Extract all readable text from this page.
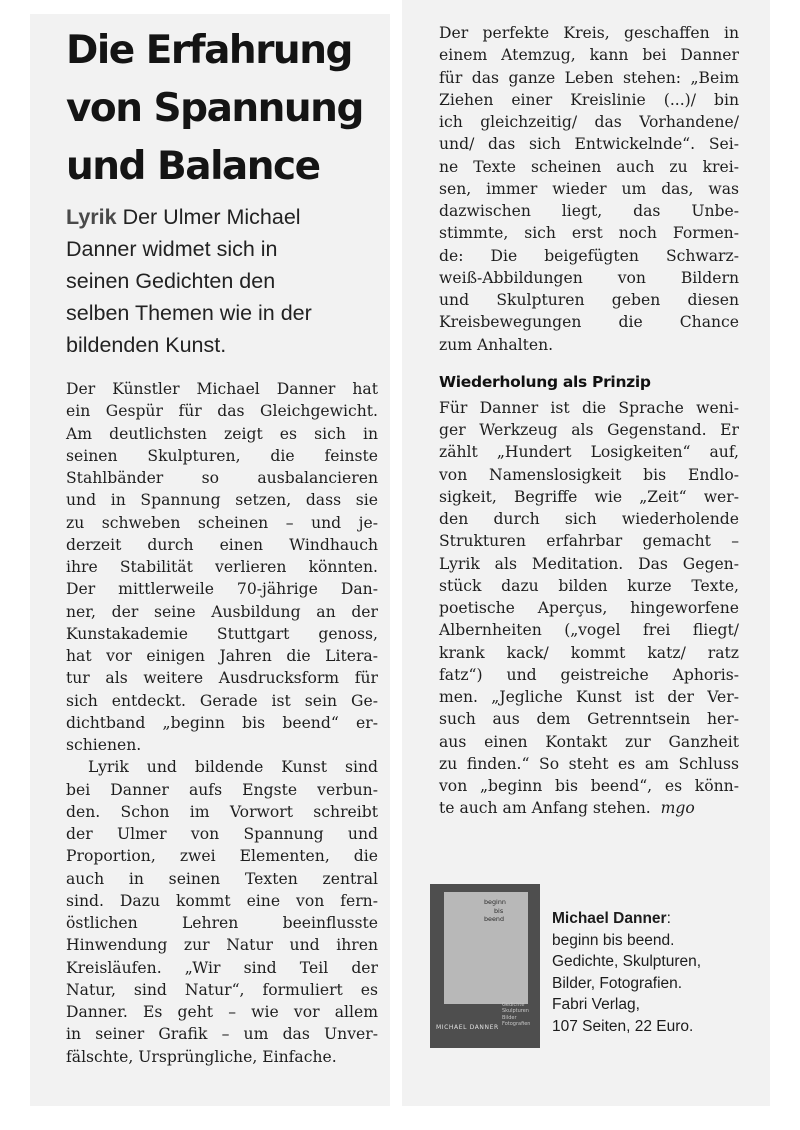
Die Erfahrung
von Spannung
und Balance
Lyrik Der Ulmer Michael
Danner widmet sich in
seinen Gedichten den
selben Themen wie in der
bildenden Kunst.
Der Künstler Michael Danner hat
ein Gespür für das Gleichgewicht.
Am deutlichsten zeigt es sich in
seinen Skulpturen, die feinste
Stahlbänder so ausbalancieren
und in Spannung setzen, dass sie
zu schweben scheinen – und je-
derzeit durch einen Windhauch
ihre Stabilität verlieren könnten.
Der mittlerweile 70-jährige Dan-
ner, der seine Ausbildung an der
Kunstakademie Stuttgart genoss,
hat vor einigen Jahren die Litera-
tur als weitere Ausdrucksform für
sich entdeckt. Gerade ist sein Ge-
dichtband „beginn bis beend“ er-
schienen.
Lyrik und bildende Kunst sind
bei Danner aufs Engste verbun-
den. Schon im Vorwort schreibt
der Ulmer von Spannung und
Proportion, zwei Elementen, die
auch in seinen Texten zentral
sind. Dazu kommt eine von fern-
östlichen Lehren beeinflusste
Hinwendung zur Natur und ihren
Kreisläufen. „Wir sind Teil der
Natur, sind Natur“, formuliert es
Danner. Es geht – wie vor allem
in seiner Grafik – um das Unver-
fälschte, Ursprüngliche, Einfache.
Der perfekte Kreis, geschaffen in
einem Atemzug, kann bei Danner
für das ganze Leben stehen: „Beim
Ziehen einer Kreislinie (...)/ bin
ich gleichzeitig/ das Vorhandene/
und/ das sich Entwickelnde“. Sei-
ne Texte scheinen auch zu krei-
sen, immer wieder um das, was
dazwischen liegt, das Unbe-
stimmte, sich erst noch Formen-
de: Die beigefügten Schwarz-
weiß-Abbildungen von Bildern
und Skulpturen geben diesen
Kreisbewegungen die Chance
zum Anhalten.
Wiederholung als Prinzip
Für Danner ist die Sprache weni-
ger Werkzeug als Gegenstand. Er
zählt „Hundert Losigkeiten“ auf,
von Namenslosigkeit bis Endlo-
sigkeit, Begriffe wie „Zeit“ wer-
den durch sich wiederholende
Strukturen erfahrbar gemacht –
Lyrik als Meditation. Das Gegen-
stück dazu bilden kurze Texte,
poetische Aperçus, hingeworfene
Albernheiten („vogel frei fliegt/
krank kack/ kommt katz/ ratz
fatz“) und geistreiche Aphoris-
men. „Jegliche Kunst ist der Ver-
such aus dem Getrenntsein her-
aus einen Kontakt zur Ganzheit
zu finden.“ So steht es am Schluss
von „beginn bis beend“, es könn-
te auch am Anfang stehen. mgo
beginn
bis
beend
Gedichte
Skulpturen
Bilder
Fotografien
MICHAEL DANNER
Michael Danner:
beginn bis beend.
Gedichte, Skulpturen,
Bilder, Fotografien.
Fabri Verlag,
107 Seiten, 22 Euro.
